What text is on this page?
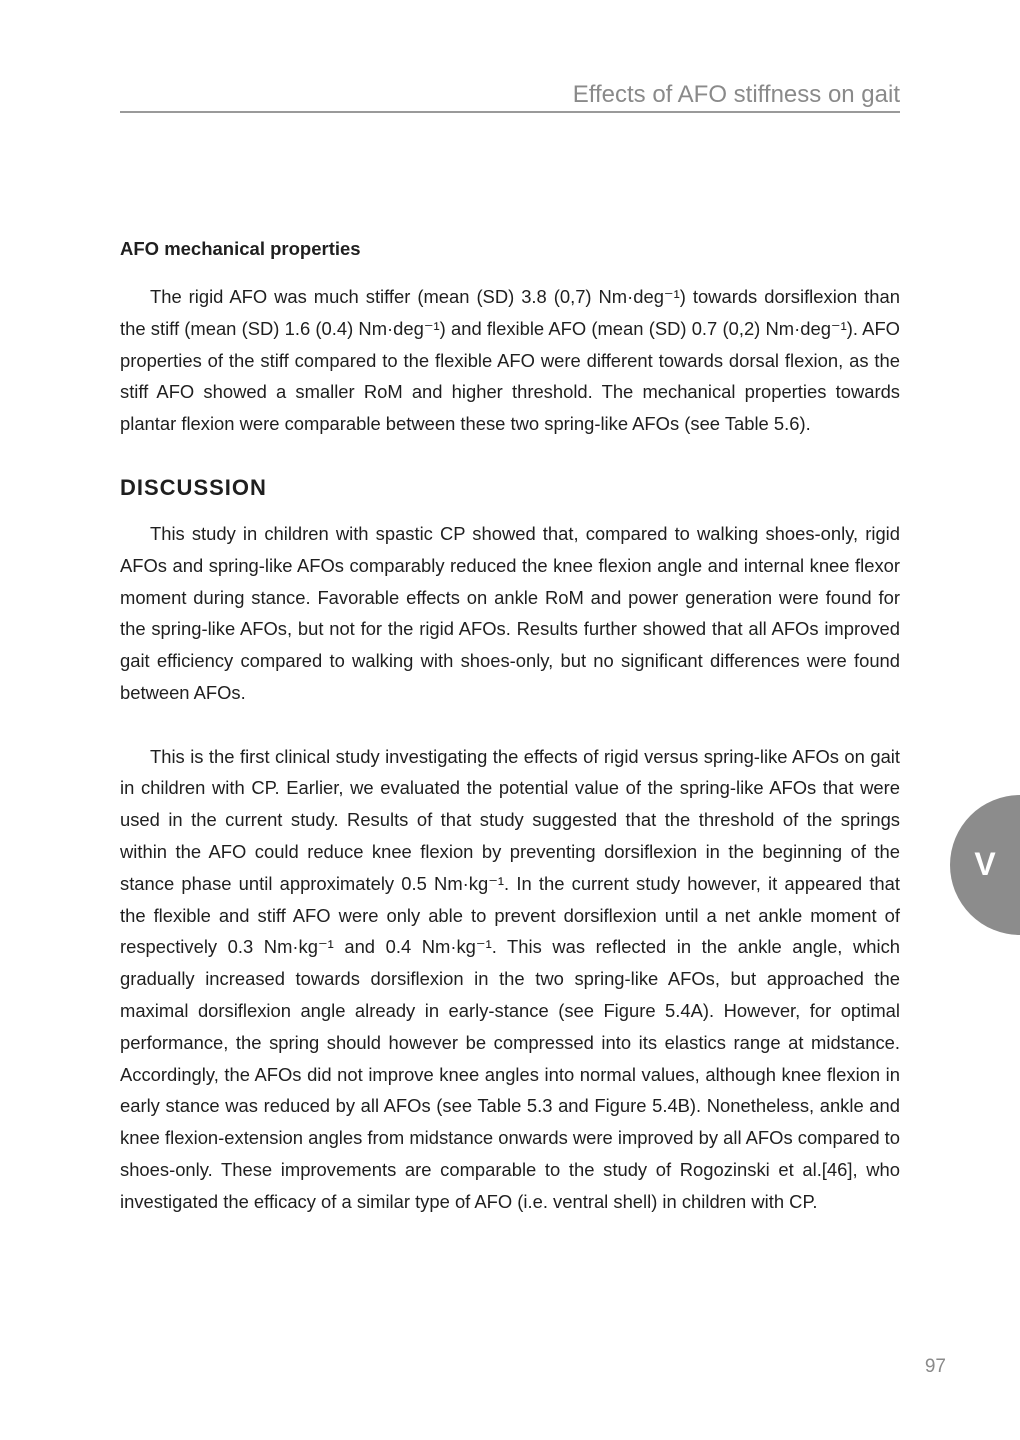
Effects of AFO stiffness on gait
AFO mechanical properties

The rigid AFO was much stiffer (mean (SD) 3.8 (0,7) Nm·deg⁻¹) towards dorsiflexion than the stiff (mean (SD) 1.6 (0.4) Nm·deg⁻¹) and flexible AFO (mean (SD) 0.7 (0,2) Nm·deg⁻¹). AFO properties of the stiff compared to the flexible AFO were different towards dorsal flexion, as the stiff AFO showed a smaller RoM and higher threshold. The mechanical properties towards plantar flexion were comparable between these two spring-like AFOs (see Table 5.6).

DISCUSSION

This study in children with spastic CP showed that, compared to walking shoes-only, rigid AFOs and spring-like AFOs comparably reduced the knee flexion angle and internal knee flexor moment during stance. Favorable effects on ankle RoM and power generation were found for the spring-like AFOs, but not for the rigid AFOs. Results further showed that all AFOs improved gait efficiency compared to walking with shoes-only, but no significant differences were found between AFOs.

This is the first clinical study investigating the effects of rigid versus spring-like AFOs on gait in children with CP. Earlier, we evaluated the potential value of the spring-like AFOs that were used in the current study. Results of that study suggested that the threshold of the springs within the AFO could reduce knee flexion by preventing dorsiflexion in the beginning of the stance phase until approximately 0.5 Nm·kg⁻¹. In the current study however, it appeared that the flexible and stiff AFO were only able to prevent dorsiflexion until a net ankle moment of respectively 0.3 Nm·kg⁻¹ and 0.4 Nm·kg⁻¹. This was reflected in the ankle angle, which gradually increased towards dorsiflexion in the two spring-like AFOs, but approached the maximal dorsiflexion angle already in early-stance (see Figure 5.4A). However, for optimal performance, the spring should however be compressed into its elastics range at midstance. Accordingly, the AFOs did not improve knee angles into normal values, although knee flexion in early stance was reduced by all AFOs (see Table 5.3 and Figure 5.4B). Nonetheless, ankle and knee flexion-extension angles from midstance onwards were improved by all AFOs compared to shoes-only. These improvements are comparable to the study of Rogozinski et al.[46], who investigated the efficacy of a similar type of AFO (i.e. ventral shell) in children with CP.

V
97
